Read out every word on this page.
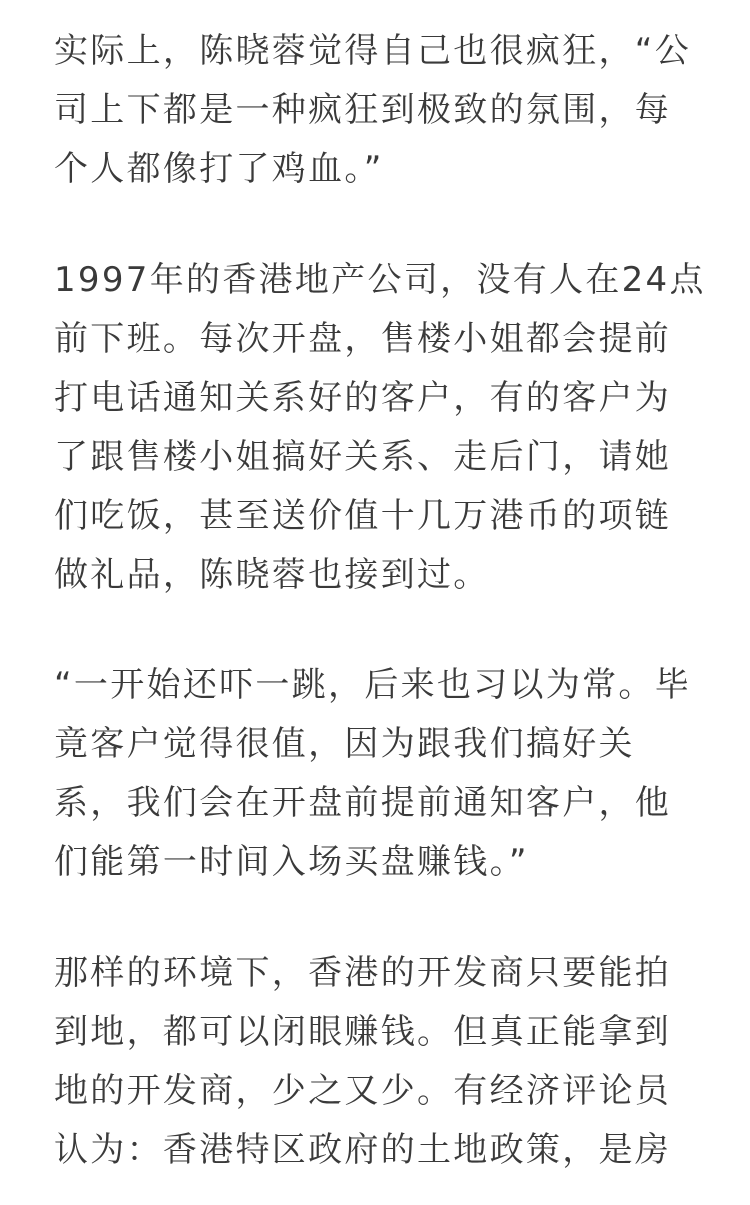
实际上，陈晓蓉觉得自己也很疯狂，“公
司上下都是一种疯狂到极致的氛围，每
个人都像打了鸡血。”

1997年的香港地产公司，没有人在24点
前下班。每次开盘，售楼小姐都会提前
打电话通知关系好的客户，有的客户为
了跟售楼小姐搞好关系、走后门，请她
们吃饭，甚至送价值十几万港币的项链
做礼品，陈晓蓉也接到过。

“一开始还吓一跳，后来也习以为常。毕
竟客户觉得很值，因为跟我们搞好关
系，我们会在开盘前提前通知客户，他
们能第一时间入场买盘赚钱。”

那样的环境下，香港的开发商只要能拍
到地，都可以闭眼赚钱。但真正能拿到
地的开发商，少之又少。有经济评论员
认为：香港特区政府的土地政策，是房
